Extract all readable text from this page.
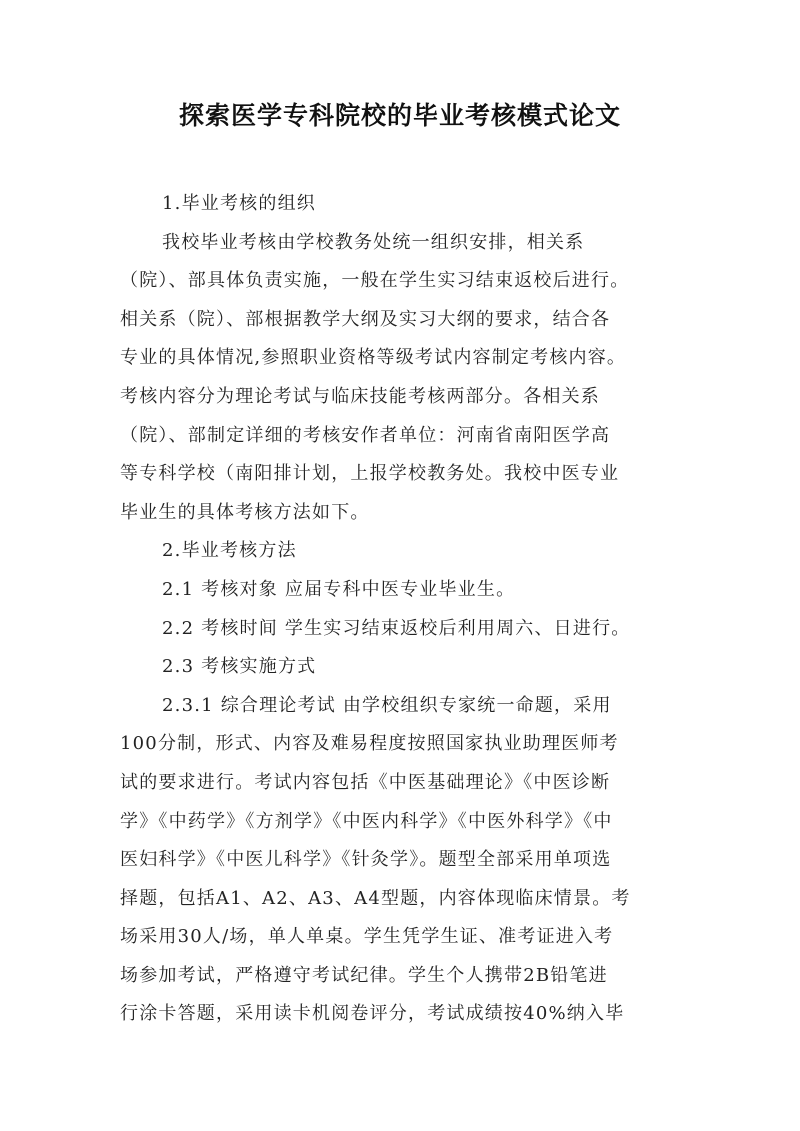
探索医学专科院校的毕业考核模式论文
1.毕业考核的组织
我校毕业考核由学校教务处统一组织安排，相关系
（院）、部具体负责实施，一般在学生实习结束返校后进行。
相关系（院）、部根据教学大纲及实习大纲的要求，结合各
专业的具体情况,参照职业资格等级考试内容制定考核内容。
考核内容分为理论考试与临床技能考核两部分。各相关系
（院）、部制定详细的考核安作者单位：河南省南阳医学高
等专科学校（南阳排计划，上报学校教务处。我校中医专业
毕业生的具体考核方法如下。
2.毕业考核方法
2.1 考核对象 应届专科中医专业毕业生。
2.2 考核时间 学生实习结束返校后利用周六、日进行。
2.3 考核实施方式
2.3.1 综合理论考试 由学校组织专家统一命题，采用
100分制，形式、内容及难易程度按照国家执业助理医师考
试的要求进行。考试内容包括《中医基础理论》《中医诊断
学》《中药学》《方剂学》《中医内科学》《中医外科学》《中
医妇科学》《中医儿科学》《针灸学》。题型全部采用单项选
择题，包括A1、A2、A3、A4型题，内容体现临床情景。考
场采用30人/场，单人单桌。学生凭学生证、准考证进入考
场参加考试，严格遵守考试纪律。学生个人携带2B铅笔进
行涂卡答题，采用读卡机阅卷评分，考试成绩按40%纳入毕
